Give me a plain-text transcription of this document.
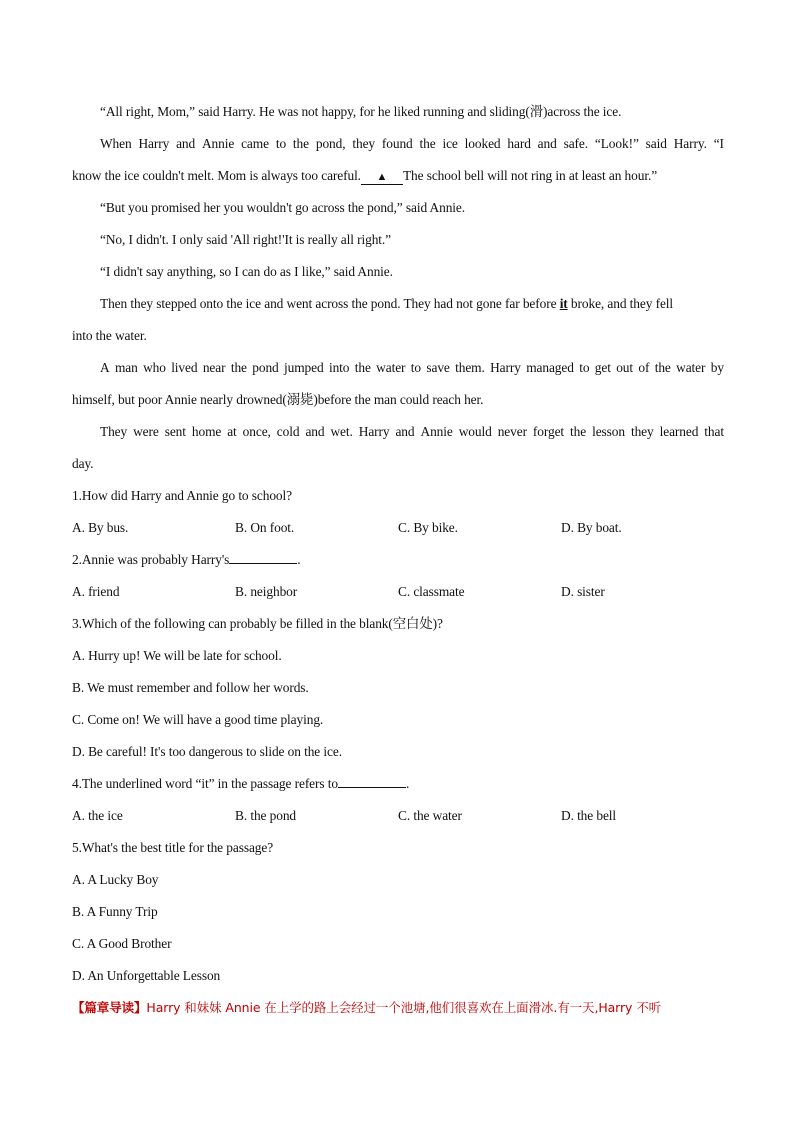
“All right, Mom,” said Harry. He was not happy, for he liked running and sliding(滑)across the ice.
When Harry and Annie came to the pond, they found the ice looked hard and safe. “Look!” said Harry. “I
know the ice couldn't melt. Mom is always too careful. ▲ The school bell will not ring in at least an hour.”
“But you promised her you wouldn't go across the pond,” said Annie.
“No, I didn't. I only said 'All right!'It is really all right.”
“I didn't say anything, so I can do as I like,” said Annie.
Then they stepped onto the ice and went across the pond. They had not gone far before it broke, and they fell
into the water.
A man who lived near the pond jumped into the water to save them. Harry managed to get out of the water by
himself, but poor Annie nearly drowned(溺毙)before the man could reach her.
They were sent home at once, cold and wet. Harry and Annie would never forget the lesson they learned that
day.
1.How did Harry and Annie go to school?
A. By bus.	B. On foot.	C. By bike.	D. By boat.
2.Annie was probably Harry's	.
A. friend	B. neighbor	C. classmate	D. sister
3.Which of the following can probably be filled in the blank(空白处)?
A. Hurry up! We will be late for school.
B. We must remember and follow her words.
C. Come on! We will have a good time playing.
D. Be careful! It's too dangerous to slide on the ice.
4.The underlined word “it” in the passage refers to	.
A. the ice	B. the pond	C. the water	D. the bell
5.What's the best title for the passage?
A. A Lucky Boy
B. A Funny Trip
C. A Good Brother
D. An Unforgettable Lesson
【篇章导读】Harry 和妹妹 Annie 在上学的路上会经过一个池塘,他们很喜欢在上面滑冰.有一天,Harry 不听
